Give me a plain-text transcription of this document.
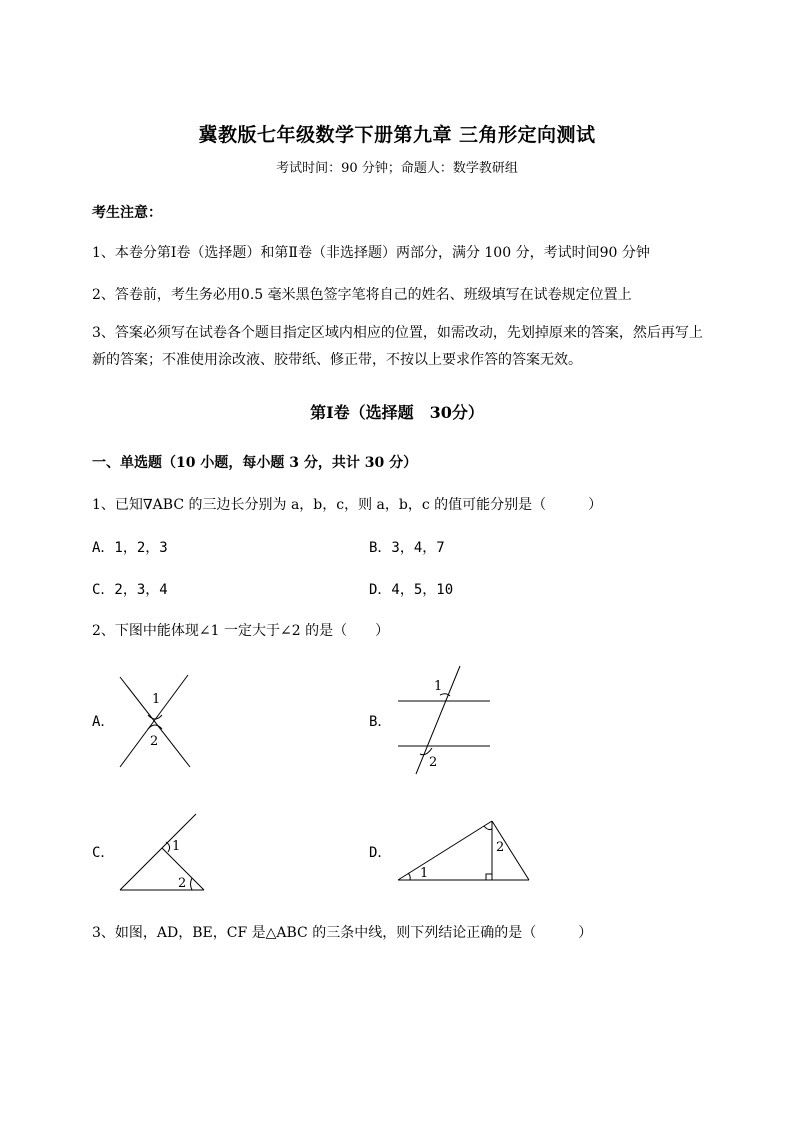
冀教版七年级数学下册第九章 三角形定向测试
考试时间：90 分钟；命题人：数学教研组
考生注意：
1、本卷分第Ⅰ卷（选择题）和第Ⅱ卷（非选择题）两部分，满分 100 分，考试时间90 分钟
2、答卷前，考生务必用0.5 毫米黑色签字笔将自己的姓名、班级填写在试卷规定位置上
3、答案必须写在试卷各个题目指定区域内相应的位置，如需改动，先划掉原来的答案，然后再写上新的答案；不准使用涂改液、胶带纸、修正带，不按以上要求作答的答案无效。
第Ⅰ卷（选择题　30分）
一、单选题（10 小题，每小题 3 分，共计 30 分）
1、已知∇ABC 的三边长分别为 a，b，c，则 a，b，c 的值可能分别是（　　　）
A．1，2，3	B．3，4，7
C．2，3，4	D．4，5，10
2、下图中能体现∠1 一定大于∠2 的是（　　）
A．	B．
C．	D．
1
2
1
2
1
2
2
1
3、如图，AD，BE，CF 是△ABC 的三条中线，则下列结论正确的是（　　　）
